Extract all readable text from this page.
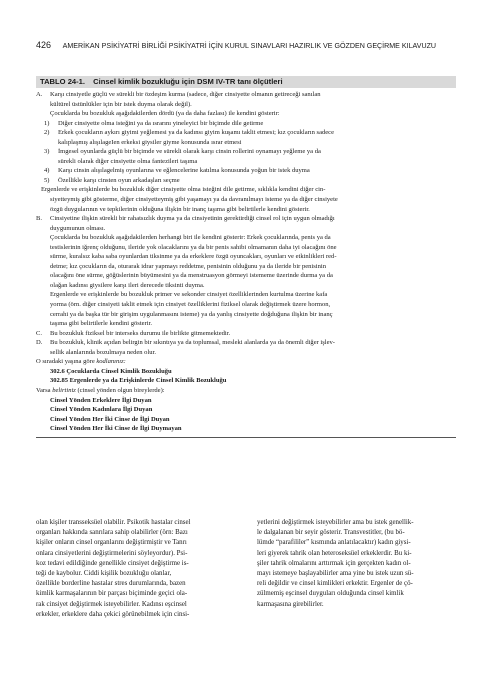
426 AMERİKAN PSİKİYATRİ BİRLİĞİ PSİKİYATRİ İÇİN KURUL SINAVLARI HAZIRLIK VE GÖZDEN GEÇİRME KILAVUZU
TABLO 24-1. Cinsel kimlik bozukluğu için DSM IV-TR tanı ölçütleri

A. Karşı cinsiyetle güçlü ve sürekli bir özdeşim kurma (sadece, diğer cinsiyette olmanın getireceği sanılan

kültürel üstünlükler için bir istek duyma olarak değil).

Çocuklarda bu bozukluk aşağıdakilerden dördü (ya da daha fazlası) ile kendini gösterir:

1) Diğer cinsiyette olma isteğini ya da ısrarını yineleyici bir biçimde dile getirme

2) Erkek çocukların aykırı giyimi yeğlemesi ya da kadınsı giyim kuşamı taklit etmesi; kız çocukların sadece

kalıplaşmış alışılageIen erkeksi giysiler giyme konusunda ısrar etmesi

3) İmgesel oyunlarda güçlü bir biçimde ve sürekli olarak karşı cinsin rollerini oynamayı yeğleme ya da

sürekli olarak diğer cinsiyette olma fantezileri taşıma

4) Karşı cinsin alışılagelmiş oyunlarına ve eğlencelerine katılma konusunda yoğun bir istek duyma

5) Özellikle karşı cinsten oyun arkadaşları seçme

Ergenlerde ve erişkinlerde bu bozukluk diğer cinsiyette olma isteğini dile getirme, sıklıkla kendini diğer cin-

siyetteymiş gibi gösterme, diğer cinsiyetteymiş gibi yaşamayı ya da davranılmayı isteme ya da diğer cinsiyete

özgü duygularının ve tepkilerinin olduğuna ilişkin bir inanç taşıma gibi belirtilerle kendini gösterir.

B. Cinsiyetine ilişkin sürekli bir rahatsızlık duyma ya da cinsiyetinin gerektirdiği cinsel rol için uygun olmadığı

duygumunun olması.

Çocuklarda bu bozukluk aşağıdakilerden herhangi biri ile kendini gösterir: Erkek çocuklarında, penis ya da

testislerinin iğrenç olduğunu, ileride yok olacaklarını ya da bir penis sahibi olmamanın daha iyi olacağını öne

sürme, kuralsız kaba saba oyunlardan tiksinme ya da erkeklere özgü oyuncakları, oyunları ve etkinlikleri red-

detme; kız çocukların da, oturarak idrar yapmayı reddetme, penisinin olduğunu ya da ileride bir penisinin

olacağını öne sürme, göğüslerinin büyümesini ya da menstruasyon görmeyi istememe üzerinde durma ya da

olağan kadınsı giysilere karşı ileri derecede tiksinti duyma.

Ergenlerde ve erişkinlerde bu bozukluk primer ve sekonder cinsiyet özelliklerinden kurtulma üzerine kafa

yorma (örn. diğer cinsiyeti taklit etmek için cinsiyet özelliklerini fiziksel olarak değiştirmek üzere hormon,

cerrahi ya da başka tür bir girişim uygulanmasını isteme) ya da yanlış cinsiyette doğduğuna ilişkin bir inanç

taşıma gibi belirtilerle kendini gösterir.

C. Bu bozukluk fiziksel bir interseks durumu ile birlikte gitmemektedir.

D. Bu bozukluk, klinik açıdan belirgin bir sıkıntıya ya da toplumsal, mesleki alanlarda ya da önemli diğer işlev-

sellik alanlarında bozulmaya neden olur.

O sıradaki yaşına göre kodlanınız:

302.6 Çocuklarda Cinsel Kimlik Bozukluğu

302.85 Ergenlerde ya da Erişkinlerde Cinsel Kimlik Bozukluğu

Varsa belirtiniz (cinsel yönden olgun bireylerde):

Cinsel Yönden Erkeklere İlgi Duyan

Cinsel Yönden Kadınlara İlgi Duyan

Cinsel Yönden Her İki Cinse de İlgi Duyan

Cinsel Yönden Her İki Cinse de İlgi Duymayan

olan kişiler transseksüel olabilir. Psikotik hastalar cinsel

organları hakkında sanrılara sahip olabilirler (örn: Bazı

kişiler onların cinsel organlarını değiştirmiştir ve Tanrı

onlara cinsiyetlerini değiştirmelerini söyleyordur). Psi-

koz tedavi edildiğinde genellikle cinsiyet değiştirme is-

teği de kaybolur. Ciddi kişilik bozukluğu olanlar,

özellikle borderline hastalar stres durumlarında, bazen

kimlik karmaşalarının bir parçası biçiminde geçici ola-

rak cinsiyet değiştirmek isteyebilirler. Kadınsı eşcinsel

erkekler, erkeklere daha çekici görünebilmek için cinsi-

yetlerini değiştirmek isteyebilirler ama bu istek genellik-

le dalgalanan bir seyir gösterir. Transvestitler, (bu bö-

lümde “parafililer” kısmında anlatılacaktır) kadın giysi-

leri giyerek tahrik olan heteroseksüel erkeklerdir. Bu ki-

şiler tahrik olmalarını arttırmak için gerçekten kadın ol-

mayı istemeye başlayabilirler ama yine bu istek uzun sü-

reli değildir ve cinsel kimlikleri erkektir. Ergenler de çö-

zülmemiş eşcinsel duyguları olduğunda cinsel kimlik

karmaşasına girebilirler.
